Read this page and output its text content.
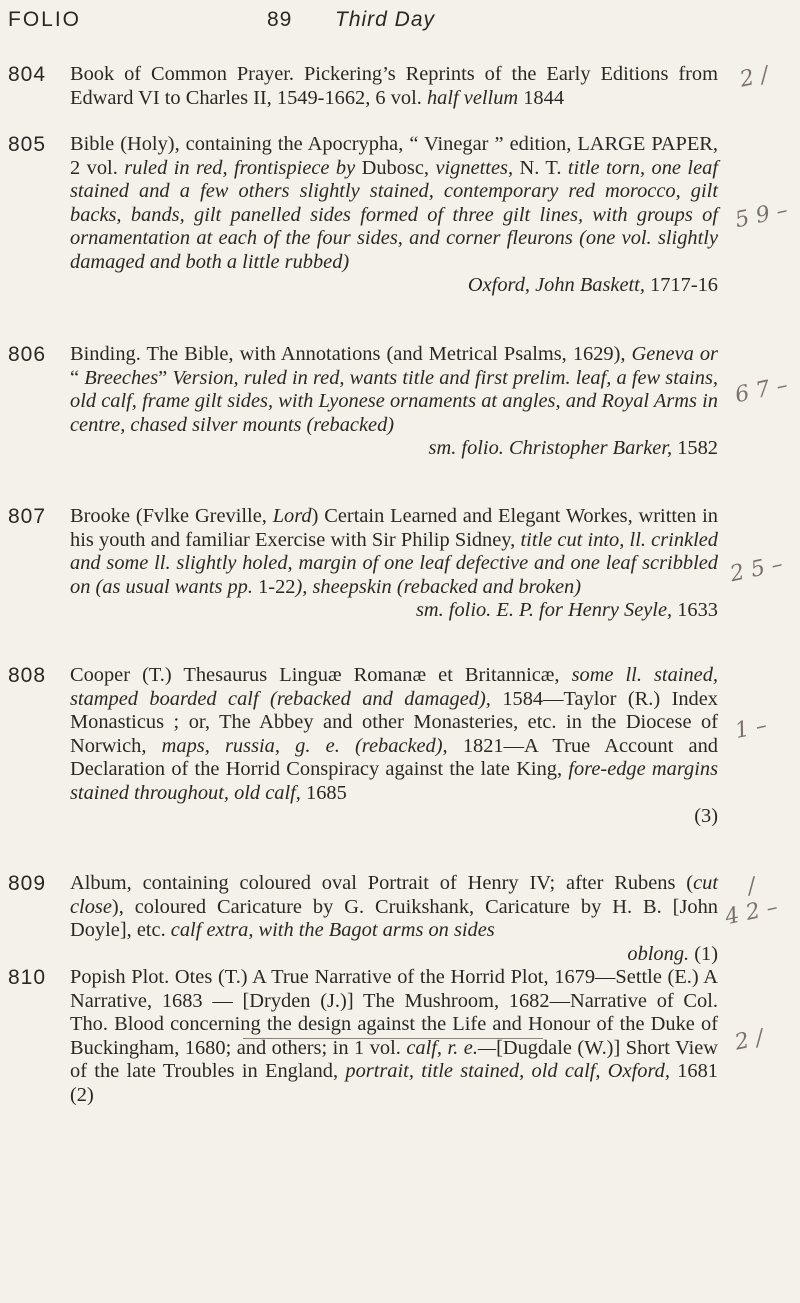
FOLIO	89 Third Day
804 Book of Common Prayer. Pickering’s Reprints of the Early Editions from Edward VI to Charles II, 1549-1662, 6 vol. half vellum 1844
2 /
805 Bible (Holy), containing the Apocrypha, “ Vinegar ” edition, LARGE PAPER, 2 vol. ruled in red, frontispiece by Dubosc, vignettes, N. T. title torn, one leaf stained and a few others slightly stained, contemporary red morocco, gilt backs, bands, gilt panelled sides formed of three gilt lines, with groups of ornamentation at each of the four sides, and corner fleurons (one vol. slightly damaged and both a little rubbed)
Oxford, John Baskett, 1717-16
5 9 –
806 Binding. The Bible, with Annotations (and Metrical Psalms, 1629), Geneva or “ Breeches” Version, ruled in red, wants title and first prelim. leaf, a few stains, old calf, frame gilt sides, with Lyonese ornaments at angles, and Royal Arms in centre, chased silver mounts (rebacked)
sm. folio. Christopher Barker, 1582
6 7 –
807 Brooke (Fvlke Greville, Lord) Certain Learned and Elegant Workes, written in his youth and familiar Exercise with Sir Philip Sidney, title cut into, ll. crinkled and some ll. slightly holed, margin of one leaf defective and one leaf scribbled on (as usual wants pp. 1-22), sheepskin (rebacked and broken)
sm. folio. E. P. for Henry Seyle, 1633
2 5 –
808 Cooper (T.) Thesaurus Linguæ Romanæ et Britannicæ, some ll. stained, stamped boarded calf (rebacked and damaged), 1584—Taylor (R.) Index Monasticus ; or, The Abbey and other Monasteries, etc. in the Diocese of Norwich, maps, russia, g. e. (rebacked), 1821—A True Account and Declaration of the Horrid Conspiracy against the late King, fore-edge margins stained throughout, old calf, 1685
(3)
1 –
809 Album, containing coloured oval Portrait of Henry IV; after Rubens (cut close), coloured Caricature by G. Cruikshank, Caricature by H. B. [John Doyle], etc. calf extra, with the Bagot arms on sides
oblong. (1)
/
4 2 –
810 Popish Plot. Otes (T.) A True Narrative of the Horrid Plot, 1679—Settle (E.) A Narrative, 1683 — [Dryden (J.)] The Mushroom, 1682—Narrative of Col. Tho. Blood concerning the design against the Life and Honour of the Duke of Buckingham, 1680; and others; in 1 vol. calf, r. e.—[Dugdale (W.)] Short View of the late Troubles in England, portrait, title stained, old calf, Oxford, 1681 (2)
2 /
